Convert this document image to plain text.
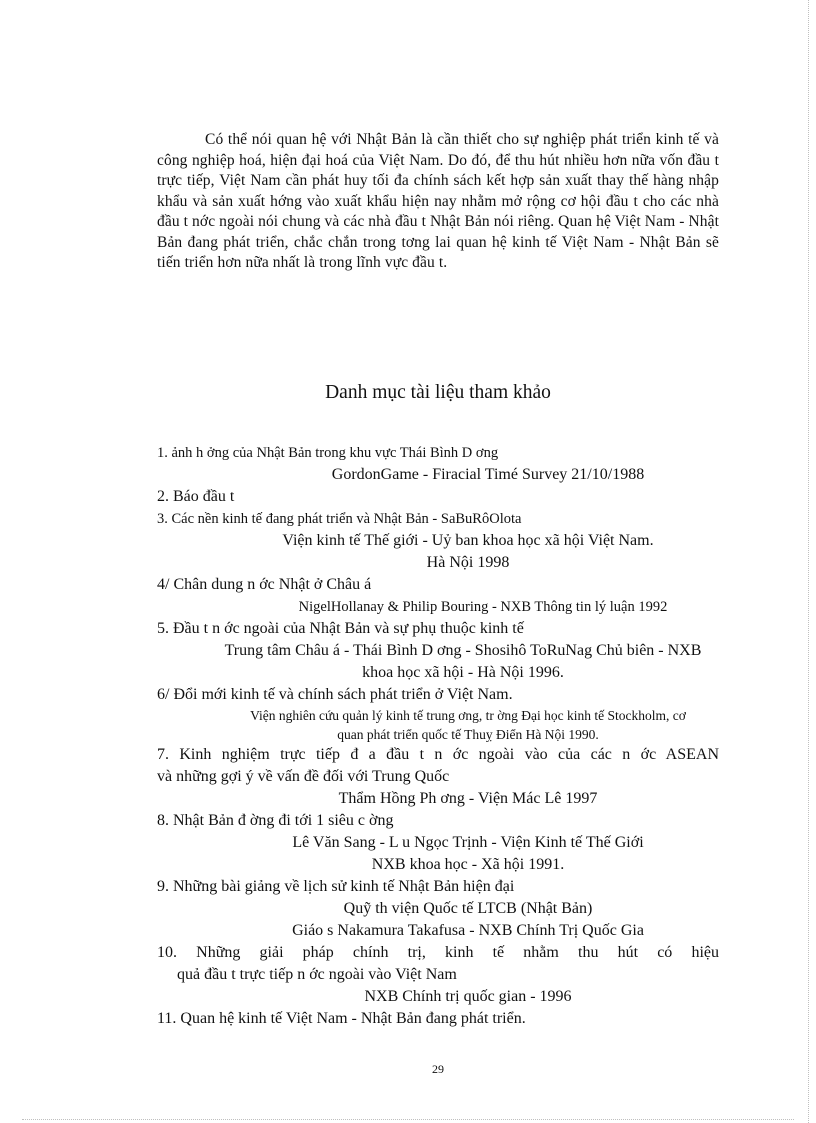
Có thể nói quan hệ với Nhật Bản là cần thiết cho sự nghiệp phát triển kinh tế và công nghiệp hoá, hiện đại hoá của Việt Nam. Do đó, để thu hút nhiều hơn nữa vốn đầu t trực tiếp, Việt Nam cần phát huy tối đa chính sách kết hợp sản xuất thay thế hàng nhập khẩu và sản xuất hớng vào xuất khẩu hiện nay nhằm mở rộng cơ hội đầu t cho các nhà đầu t nớc ngoài nói chung và các nhà đầu t Nhật Bản nói riêng. Quan hệ Việt Nam - Nhật Bản đang phát triển, chắc chắn trong tơng lai quan hệ kinh tế Việt Nam - Nhật Bản sẽ tiến triển hơn nữa nhất là trong lĩnh vực đầu t.

Danh mục tài liệu tham khảo

1. ảnh h ởng của Nhật Bản trong khu vực Thái Bình D ơng

GordonGame - Firacial Timé Survey 21/10/1988

2. Báo đầu t

3. Các nền kinh tế đang phát triển và Nhật Bản - SaBuRôOlota

Viện kinh tế Thế giới - Uỷ ban khoa học xã hội Việt Nam.

Hà Nội 1998

4/ Chân dung n ớc Nhật ở Châu á

NigelHollanay & Philip Bouring - NXB Thông tin lý luận 1992

5. Đầu t n ớc ngoài của Nhật Bản và sự phụ thuộc kinh tế

Trung tâm Châu á - Thái Bình D ơng - Shosihô ToRuNag Chủ biên - NXB

khoa học xã hội - Hà Nội 1996.

6/ Đổi mới kinh tế và chính sách phát triển ở Việt Nam.

Viện nghiên cứu quản lý kinh tế trung ơng, tr ờng Đại học kinh tế Stockholm, cơ

quan phát triển quốc tế Thuỵ Điển Hà Nội 1990.

7. Kinh nghiệm trực tiếp đ a đầu t n ớc ngoài vào của các n ớc ASEAN

và những gợi ý về vấn đề đối với Trung Quốc

Thẩm Hồng Ph ơng - Viện Mác Lê 1997

8. Nhật Bản đ ờng đi tới 1 siêu c ờng

Lê Văn Sang - L u Ngọc Trịnh - Viện Kinh tế Thế Giới

NXB khoa học - Xã hội 1991.

9. Những bài giảng về lịch sử kinh tế Nhật Bản hiện đại

Quỹ th viện Quốc tế LTCB (Nhật Bản)

Giáo s Nakamura Takafusa - NXB Chính Trị Quốc Gia

10. Những giải pháp chính trị, kinh tế nhằm thu hút có hiệu

quả đầu t trực tiếp n ớc ngoài vào Việt Nam

NXB Chính trị quốc gian - 1996

11. Quan hệ kinh tế Việt Nam - Nhật Bản đang phát triển.

29
